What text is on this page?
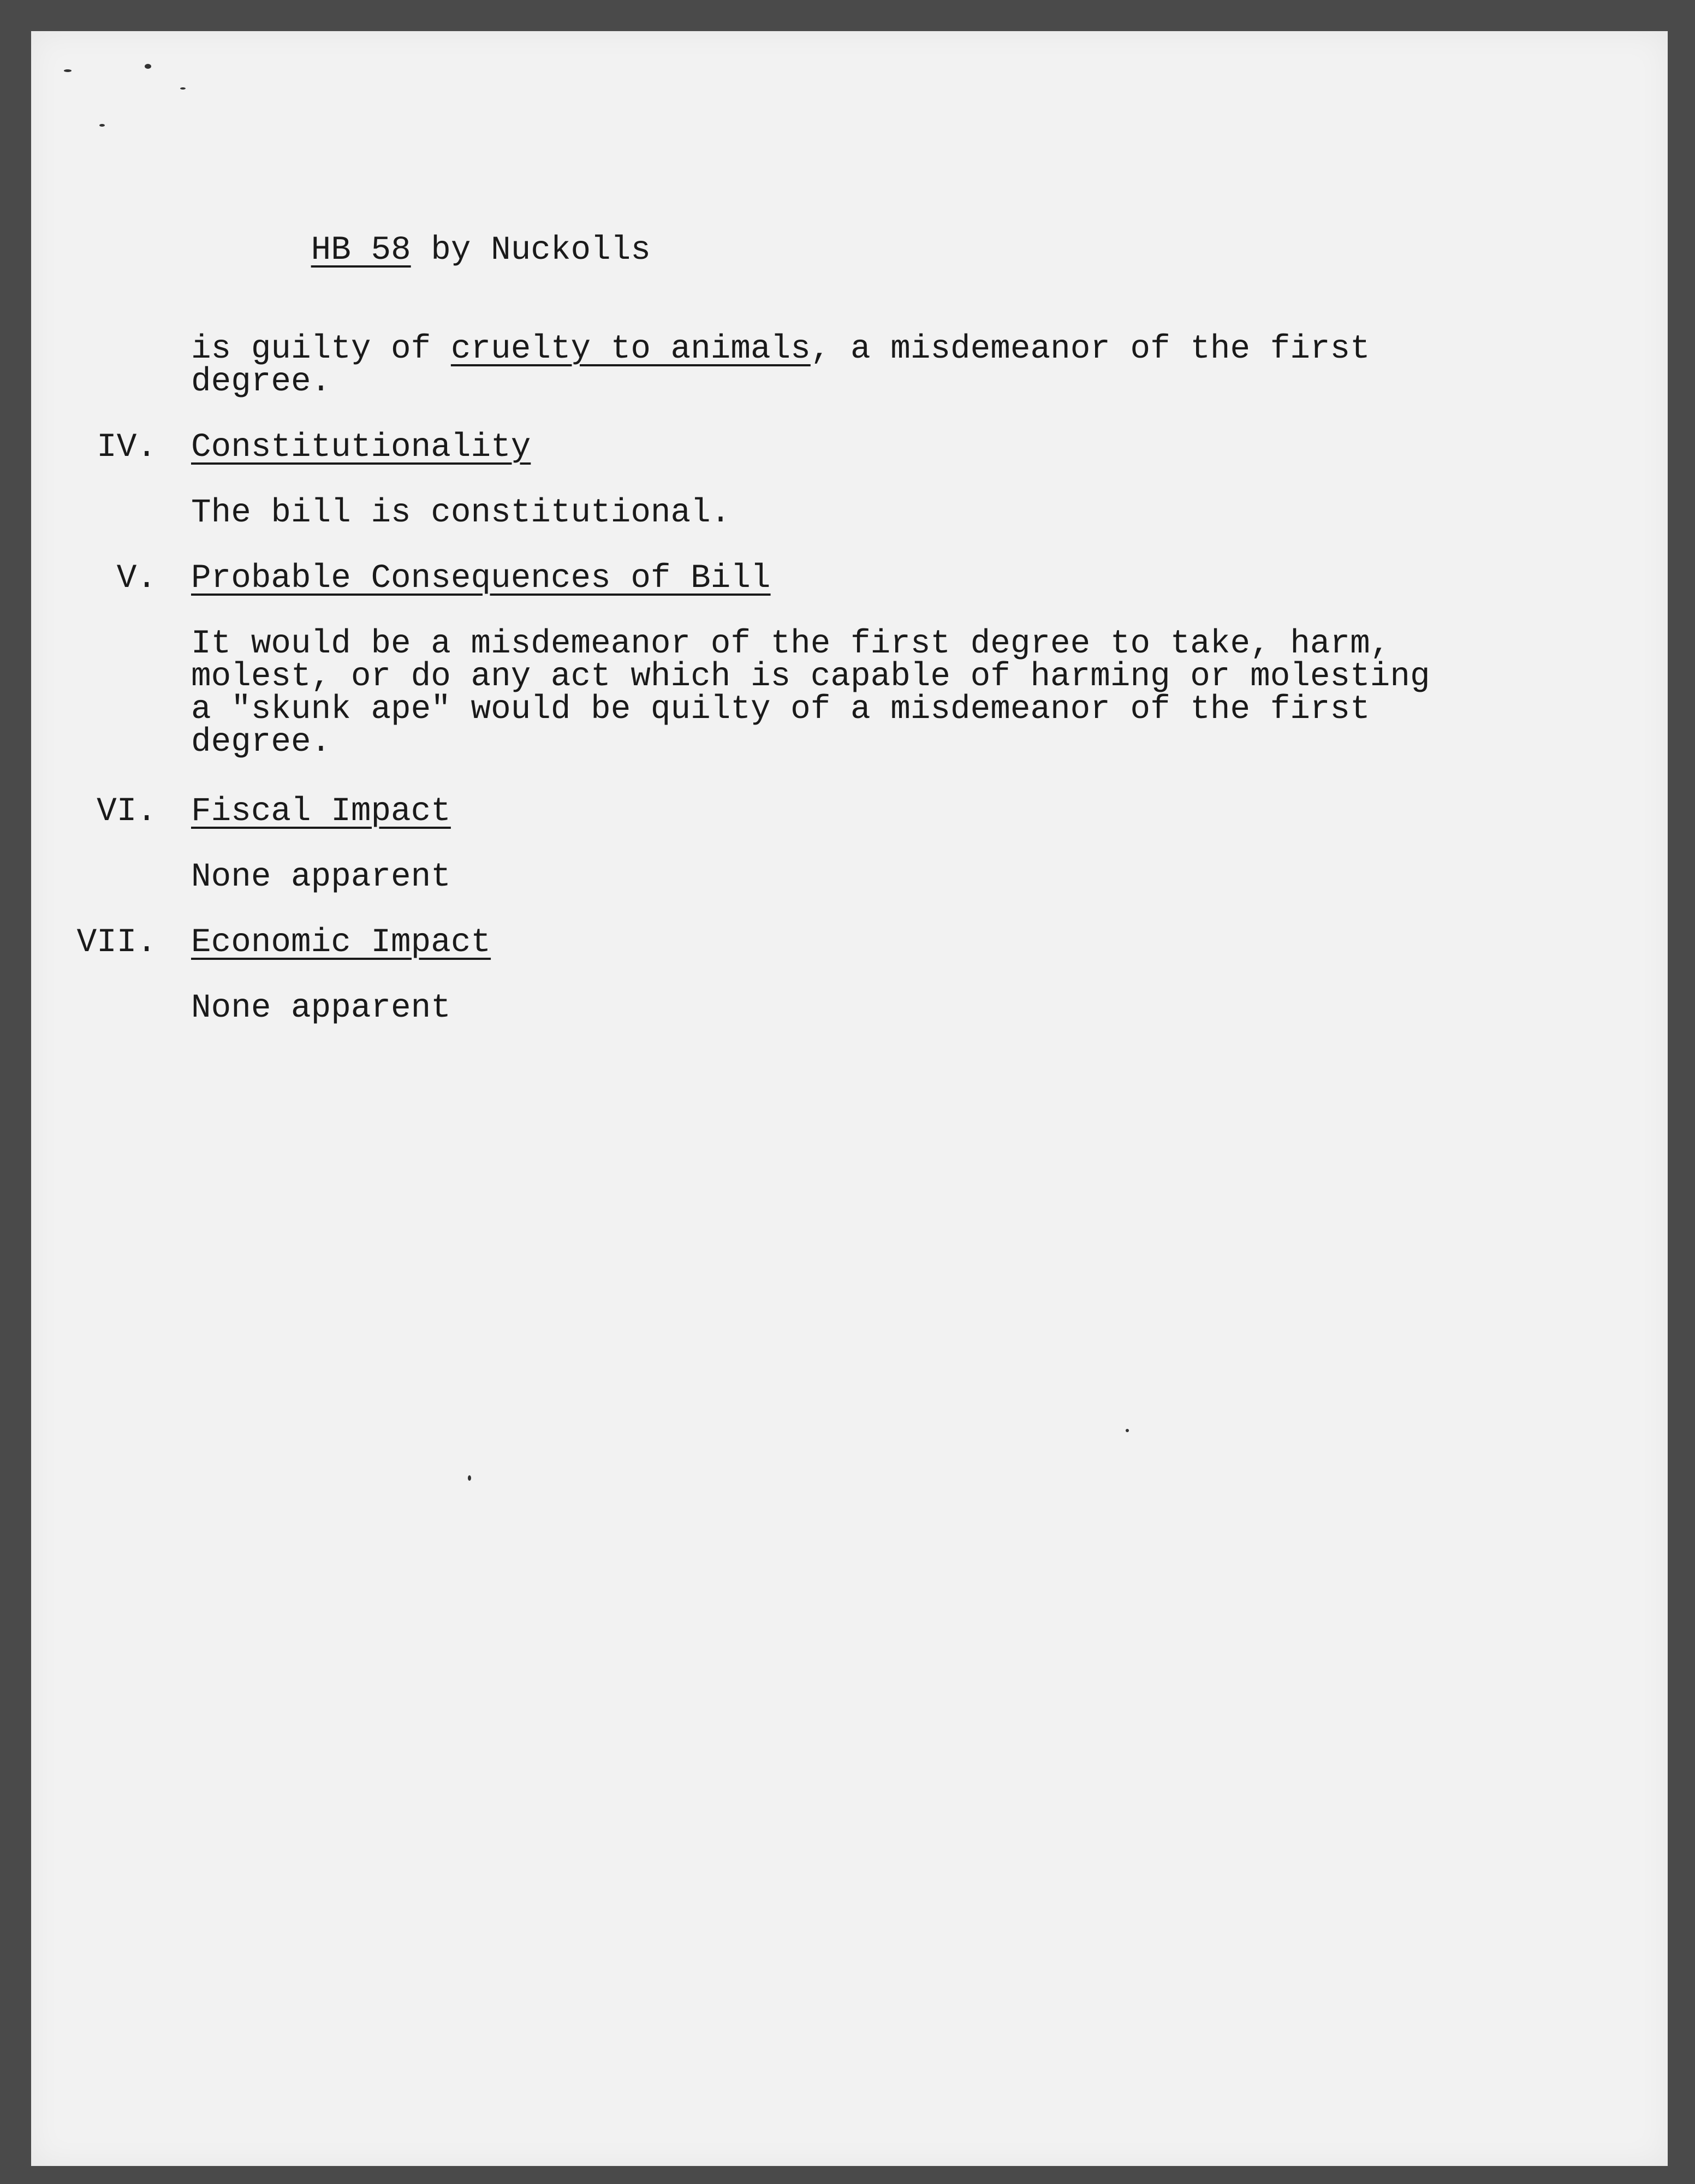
HB 58 by Nuckolls

is guilty of cruelty to animals, a misdemeanor of the first
degree.
IV. Constitutionality
The bill is constitutional.
V. Probable Consequences of Bill
It would be a misdemeanor of the first degree to take, harm,
molest, or do any act which is capable of harming or molesting
a "skunk ape" would be quilty of a misdemeanor of the first
degree.
VI. Fiscal Impact
None apparent
VII. Economic Impact
None apparent
